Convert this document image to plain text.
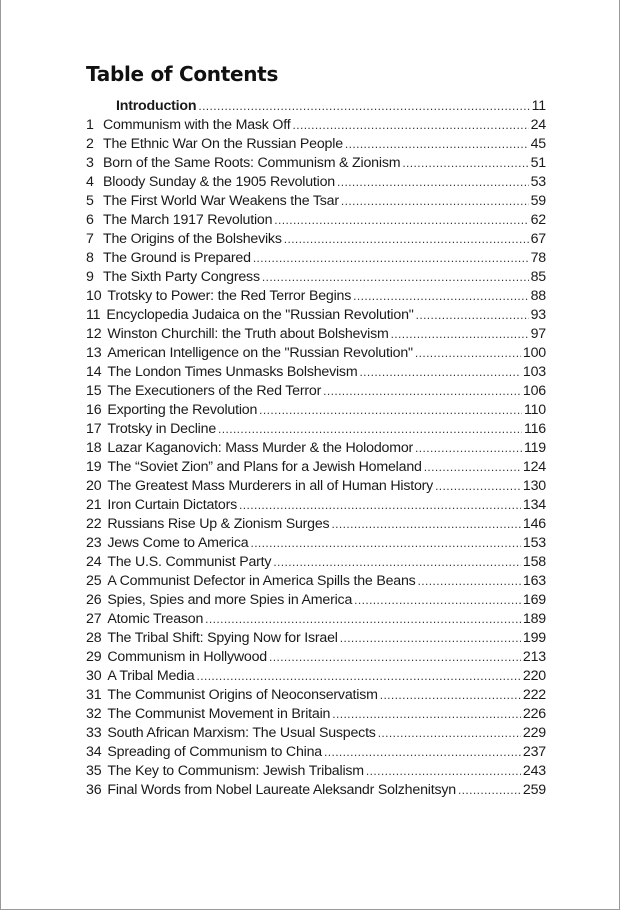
Table of Contents
Introduction .....	11
1 Communism with the Mask Off .....	24
2 The Ethnic War On the Russian People .....	45
3 Born of the Same Roots: Communism & Zionism .....	51
4 Bloody Sunday & the 1905 Revolution .....	53
5 The First World War Weakens the Tsar .....	59
6 The March 1917 Revolution .....	62
7 The Origins of the Bolsheviks .....	67
8 The Ground is Prepared .....	78
9 The Sixth Party Congress .....	85
10 Trotsky to Power: the Red Terror Begins .....	88
11 Encyclopedia Judaica on the "Russian Revolution" .....	93
12 Winston Churchill: the Truth about Bolshevism .....	97
13 American Intelligence on the "Russian Revolution" .....	100
14 The London Times Unmasks Bolshevism .....	103
15 The Executioners of the Red Terror .....	106
16 Exporting the Revolution .....	110
17 Trotsky in Decline .....	116
18 Lazar Kaganovich: Mass Murder & the Holodomor .....	119
19 The “Soviet Zion” and Plans for a Jewish Homeland .....	124
20 The Greatest Mass Murderers in all of Human History .....	130
21 Iron Curtain Dictators .....	134
22 Russians Rise Up & Zionism Surges .....	146
23 Jews Come to America .....	153
24 The U.S. Communist Party .....	158
25 A Communist Defector in America Spills the Beans .....	163
26 Spies, Spies and more Spies in America .....	169
27 Atomic Treason .....	189
28 The Tribal Shift: Spying Now for Israel .....	199
29 Communism in Hollywood .....	213
30 A Tribal Media .....	220
31 The Communist Origins of Neoconservatism .....	222
32 The Communist Movement in Britain .....	226
33 South African Marxism: The Usual Suspects .....	229
34 Spreading of Communism to China .....	237
35 The Key to Communism: Jewish Tribalism .....	243
36 Final Words from Nobel Laureate Aleksandr Solzhenitsyn .....	259
